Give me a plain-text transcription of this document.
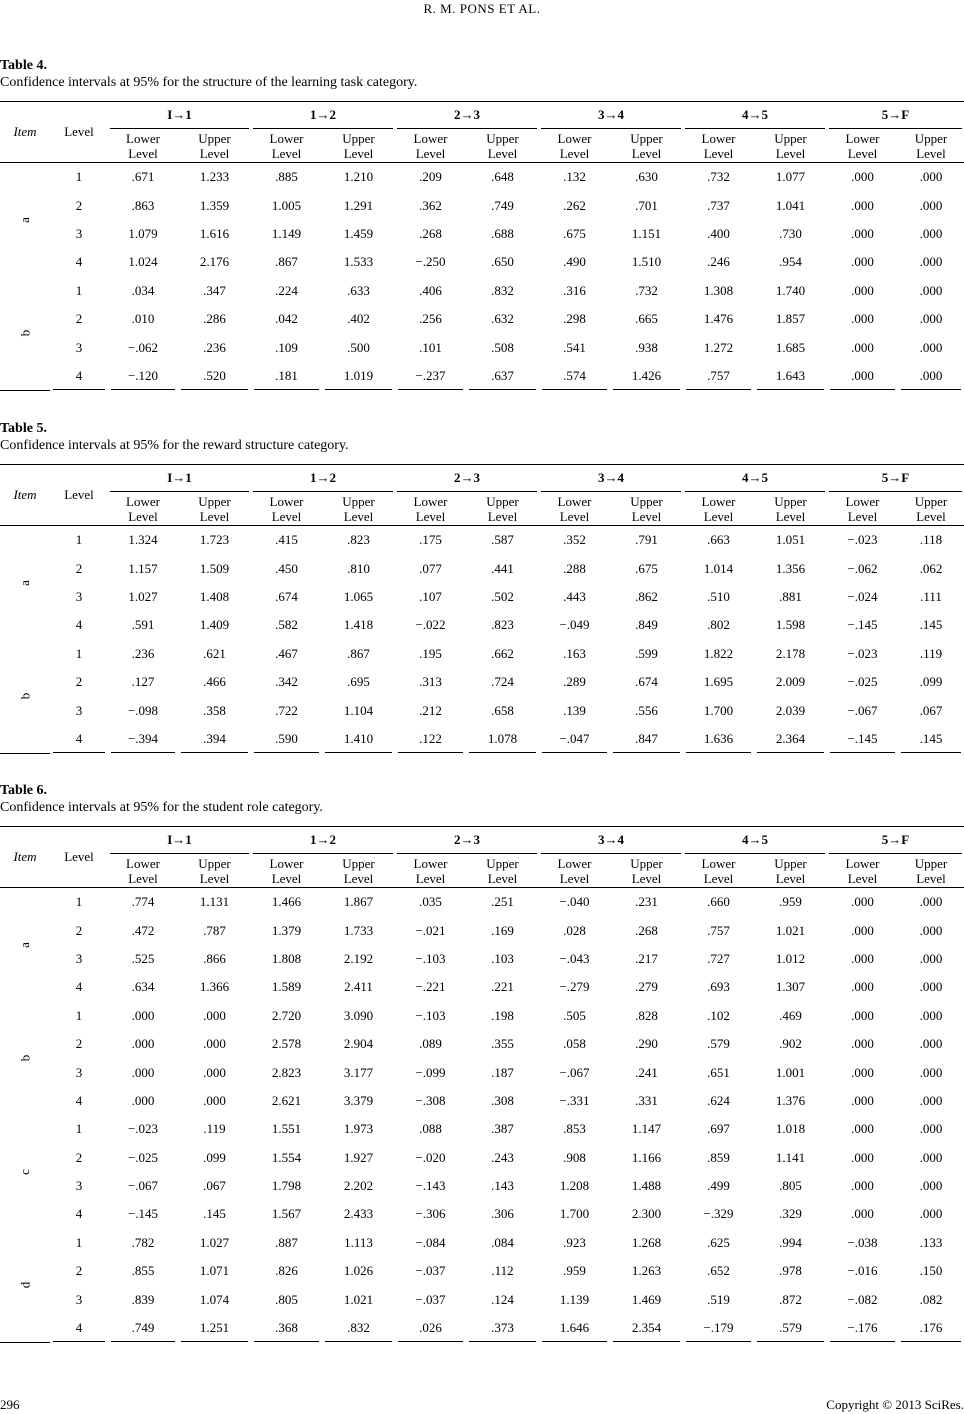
R. M. PONS ET AL.
Table 4.
Confidence intervals at 95% for the structure of the learning task category.
Item	Level	I→1		1→2		2→3		3→4		4→5		5→F	

		Lower Level	Upper Level	Lower Level	Upper Level	Lower Level	Upper Level	Lower Level	Upper Level	Lower Level	Upper Level	Lower Level	Upper Level
a	1	.671	1.233	.885	1.210	.209	.648	.132	.630	.732	1.077	.000	.000
	2	.863	1.359	1.005	1.291	.362	.749	.262	.701	.737	1.041	.000	.000
	3	1.079	1.616	1.149	1.459	.268	.688	.675	1.151	.400	.730	.000	.000
	4	1.024	2.176	.867	1.533	−.250	.650	.490	1.510	.246	.954	.000	.000
b	1	.034	.347	.224	.633	.406	.832	.316	.732	1.308	1.740	.000	.000
	2	.010	.286	.042	.402	.256	.632	.298	.665	1.476	1.857	.000	.000
	3	−.062	.236	.109	.500	.101	.508	.541	.938	1.272	1.685	.000	.000
	4	−.120	.520	.181	1.019	−.237	.637	.574	1.426	.757	1.643	.000	.000
Table 5.
Confidence intervals at 95% for the reward structure category.
Item	Level	I→1		1→2		2→3		3→4		4→5		5→F	

		Lower Level	Upper Level	Lower Level	Upper Level	Lower Level	Upper Level	Lower Level	Upper Level	Lower Level	Upper Level	Lower Level	Upper Level
a	1	1.324	1.723	.415	.823	.175	.587	.352	.791	.663	1.051	−.023	.118
	2	1.157	1.509	.450	.810	.077	.441	.288	.675	1.014	1.356	−.062	.062
	3	1.027	1.408	.674	1.065	.107	.502	.443	.862	.510	.881	−.024	.111
	4	.591	1.409	.582	1.418	−.022	.823	−.049	.849	.802	1.598	−.145	.145
b	1	.236	.621	.467	.867	.195	.662	.163	.599	1.822	2.178	−.023	.119
	2	.127	.466	.342	.695	.313	.724	.289	.674	1.695	2.009	−.025	.099
	3	−.098	.358	.722	1.104	.212	.658	.139	.556	1.700	2.039	−.067	.067
	4	−.394	.394	.590	1.410	.122	1.078	−.047	.847	1.636	2.364	−.145	.145
Table 6.
Confidence intervals at 95% for the student role category.
Item	Level	I→1		1→2		2→3		3→4		4→5		5→F	

		Lower Level	Upper Level	Lower Level	Upper Level	Lower Level	Upper Level	Lower Level	Upper Level	Lower Level	Upper Level	Lower Level	Upper Level
a	1	.774	1.131	1.466	1.867	.035	.251	−.040	.231	.660	.959	.000	.000
	2	.472	.787	1.379	1.733	−.021	.169	.028	.268	.757	1.021	.000	.000
	3	.525	.866	1.808	2.192	−.103	.103	−.043	.217	.727	1.012	.000	.000
	4	.634	1.366	1.589	2.411	−.221	.221	−.279	.279	.693	1.307	.000	.000
b	1	.000	.000	2.720	3.090	−.103	.198	.505	.828	.102	.469	.000	.000
	2	.000	.000	2.578	2.904	.089	.355	.058	.290	.579	.902	.000	.000
	3	.000	.000	2.823	3.177	−.099	.187	−.067	.241	.651	1.001	.000	.000
	4	.000	.000	2.621	3.379	−.308	.308	−.331	.331	.624	1.376	.000	.000
c	1	−.023	.119	1.551	1.973	.088	.387	.853	1.147	.697	1.018	.000	.000
	2	−.025	.099	1.554	1.927	−.020	.243	.908	1.166	.859	1.141	.000	.000
	3	−.067	.067	1.798	2.202	−.143	.143	1.208	1.488	.499	.805	.000	.000
	4	−.145	.145	1.567	2.433	−.306	.306	1.700	2.300	−.329	.329	.000	.000
d	1	.782	1.027	.887	1.113	−.084	.084	.923	1.268	.625	.994	−.038	.133
	2	.855	1.071	.826	1.026	−.037	.112	.959	1.263	.652	.978	−.016	.150
	3	.839	1.074	.805	1.021	−.037	.124	1.139	1.469	.519	.872	−.082	.082
	4	.749	1.251	.368	.832	.026	.373	1.646	2.354	−.179	.579	−.176	.176
296	Copyright © 2013 SciRes.
